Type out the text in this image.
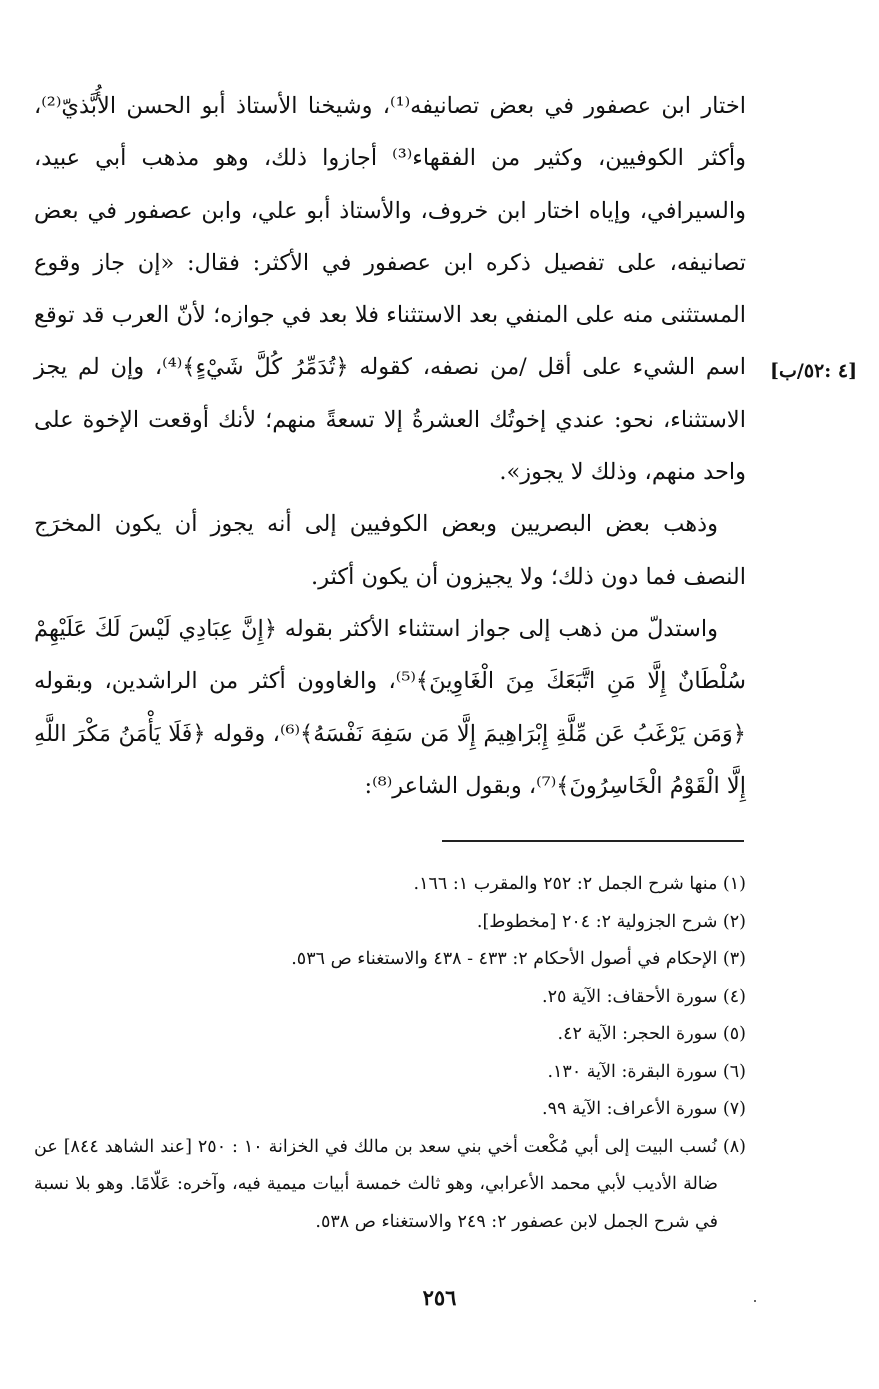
اختار ابن عصفور في بعض تصانيفه⁽¹⁾، وشيخنا الأستاذ أبو الحسن الأُبَّذيّ⁽²⁾، وأكثر الكوفيين، وكثير من الفقهاء⁽³⁾ أجازوا ذلك، وهو مذهب أبي عبيد، والسيرافي، وإياه اختار ابن خروف، والأستاذ أبو علي، وابن عصفور في بعض تصانيفه، على تفصيل ذكره ابن عصفور في الأكثر: فقال: «إن جاز وقوع المستثنى منه على المنفي بعد الاستثناء فلا بعد في جوازه؛ لأنّ العرب قد توقع اسم الشيء على أقل /من نصفه، كقوله ﴿تُدَمِّرُ كُلَّ شَيْءٍ﴾⁽⁴⁾، وإن لم يجز الاستثناء، نحو: عندي إخوتُك العشرةُ إلا تسعةً منهم؛ لأنك أوقعت الإخوة على واحد منهم، وذلك لا يجوز».

وذهب بعض البصريين وبعض الكوفيين إلى أنه يجوز أن يكون المخرَج النصف فما دون ذلك؛ ولا يجيزون أن يكون أكثر.

واستدلّ من ذهب إلى جواز استثناء الأكثر بقوله ﴿إِنَّ عِبَادِي لَيْسَ لَكَ عَلَيْهِمْ سُلْطَانٌ إِلَّا مَنِ اتَّبَعَكَ مِنَ الْغَاوِينَ﴾⁽⁵⁾، والغاوون أكثر من الراشدين، وبقوله ﴿وَمَن يَرْغَبُ عَن مِّلَّةِ إِبْرَاهِيمَ إِلَّا مَن سَفِهَ نَفْسَهُ﴾⁽⁶⁾، وقوله ﴿فَلَا يَأْمَنُ مَكْرَ اللَّهِ إِلَّا الْقَوْمُ الْخَاسِرُونَ﴾⁽⁷⁾، وبقول الشاعر⁽⁸⁾:

[٤ :٥٢/ب]

(١) منها شرح الجمل ٢: ٢٥٢ والمقرب ١: ١٦٦.

(٢) شرح الجزولية ٢: ٢٠٤ [مخطوط].

(٣) الإحكام في أصول الأحكام ٢: ٤٣٣ - ٤٣٨ والاستغناء ص ٥٣٦.

(٤) سورة الأحقاف: الآية ٢٥.

(٥) سورة الحجر: الآية ٤٢.

(٦) سورة البقرة: الآية ١٣٠.

(٧) سورة الأعراف: الآية ٩٩.

(٨) نُسب البيت إلى أبي مُكْعت أخي بني سعد بن مالك في الخزانة ١٠ : ٢٥٠ [عند الشاهد ٨٤٤] عن ضالة الأديب لأبي محمد الأعرابي، وهو ثالث خمسة أبيات ميمية فيه، وآخره: عَلّامًا. وهو بلا نسبة في شرح الجمل لابن عصفور ٢: ٢٤٩ والاستغناء ص ٥٣٨.

٢٥٦
